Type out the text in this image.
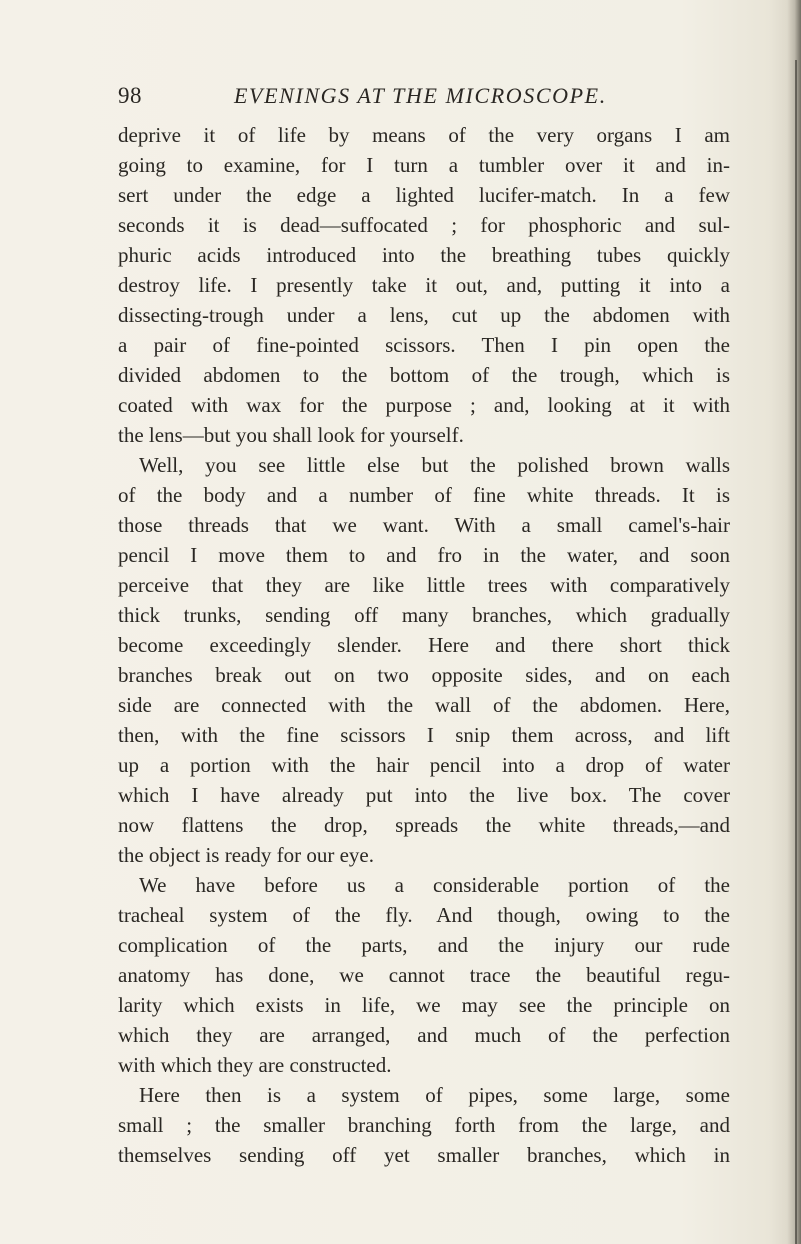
98	EVENINGS AT THE MICROSCOPE.
deprive it of life by means of the very organs I am
going to examine, for I turn a tumbler over it and in-
sert under the edge a lighted lucifer-match. In a few
seconds it is dead—suffocated ; for phosphoric and sul-
phuric acids introduced into the breathing tubes quickly
destroy life. I presently take it out, and, putting it into a
dissecting-trough under a lens, cut up the abdomen with
a pair of fine-pointed scissors. Then I pin open the
divided abdomen to the bottom of the trough, which is
coated with wax for the purpose ; and, looking at it with
the lens—but you shall look for yourself.
Well, you see little else but the polished brown walls
of the body and a number of fine white threads. It is
those threads that we want. With a small camel's-hair
pencil I move them to and fro in the water, and soon
perceive that they are like little trees with comparatively
thick trunks, sending off many branches, which gradually
become exceedingly slender. Here and there short thick
branches break out on two opposite sides, and on each
side are connected with the wall of the abdomen. Here,
then, with the fine scissors I snip them across, and lift
up a portion with the hair pencil into a drop of water
which I have already put into the live box. The cover
now flattens the drop, spreads the white threads,—and
the object is ready for our eye.
We have before us a considerable portion of the
tracheal system of the fly. And though, owing to the
complication of the parts, and the injury our rude
anatomy has done, we cannot trace the beautiful regu-
larity which exists in life, we may see the principle on
which they are arranged, and much of the perfection
with which they are constructed.
Here then is a system of pipes, some large, some
small ; the smaller branching forth from the large, and
themselves sending off yet smaller branches, which in
